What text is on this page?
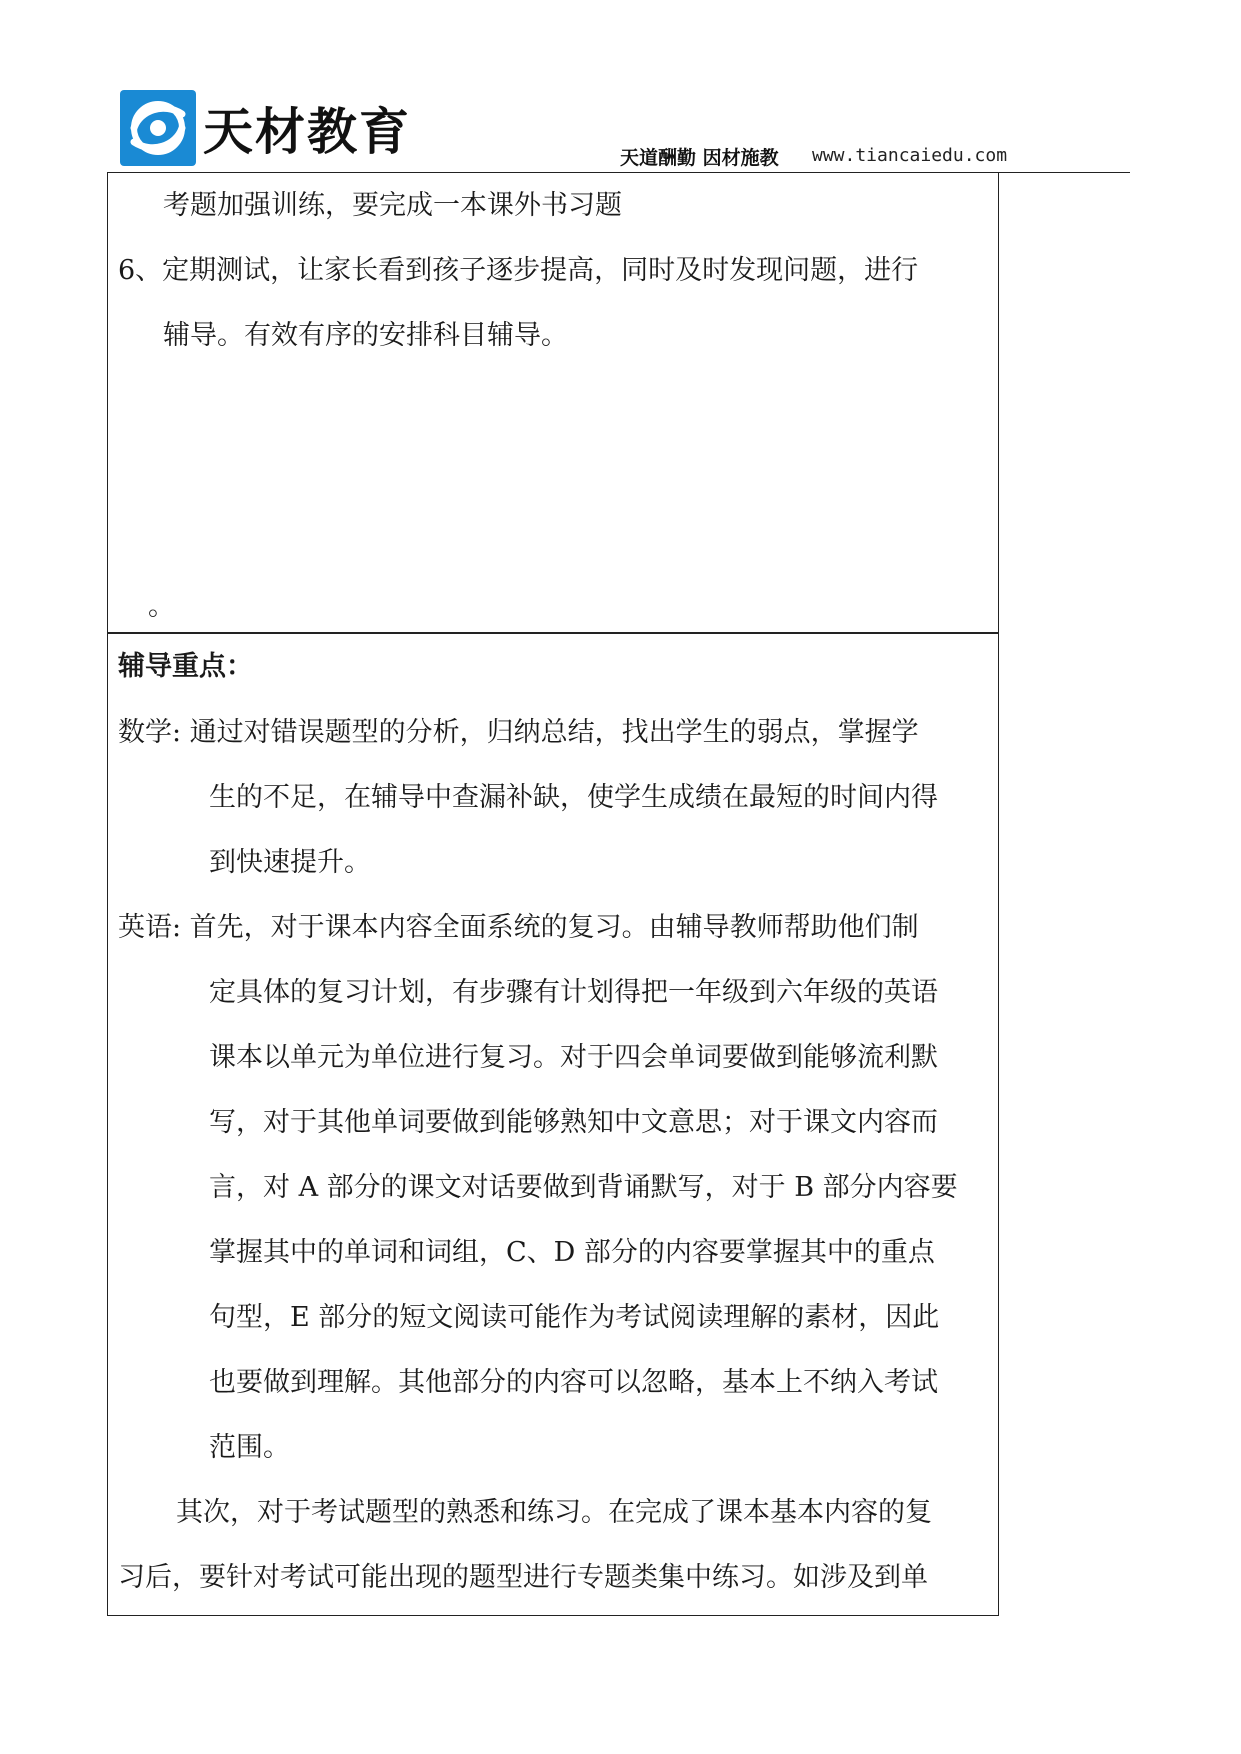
天材教育	天道酬勤 因材施教 www.tiancaiedu.com
考题加强训练，要完成一本课外书习题
6、定期测试，让家长看到孩子逐步提高，同时及时发现问题，进行
辅导。有效有序的安排科目辅导。
。
辅导重点：
数学: 通过对错误题型的分析，归纳总结，找出学生的弱点，掌握学
生的不足，在辅导中查漏补缺，使学生成绩在最短的时间内得
到快速提升。
英语: 首先，对于课本内容全面系统的复习。由辅导教师帮助他们制
定具体的复习计划，有步骤有计划得把一年级到六年级的英语
课本以单元为单位进行复习。对于四会单词要做到能够流利默
写，对于其他单词要做到能够熟知中文意思；对于课文内容而
言，对 A 部分的课文对话要做到背诵默写，对于 B 部分内容要
掌握其中的单词和词组，C、D 部分的内容要掌握其中的重点
句型，E 部分的短文阅读可能作为考试阅读理解的素材，因此
也要做到理解。其他部分的内容可以忽略，基本上不纳入考试
范围。
其次，对于考试题型的熟悉和练习。在完成了课本基本内容的复
习后，要针对考试可能出现的题型进行专题类集中练习。如涉及到单
